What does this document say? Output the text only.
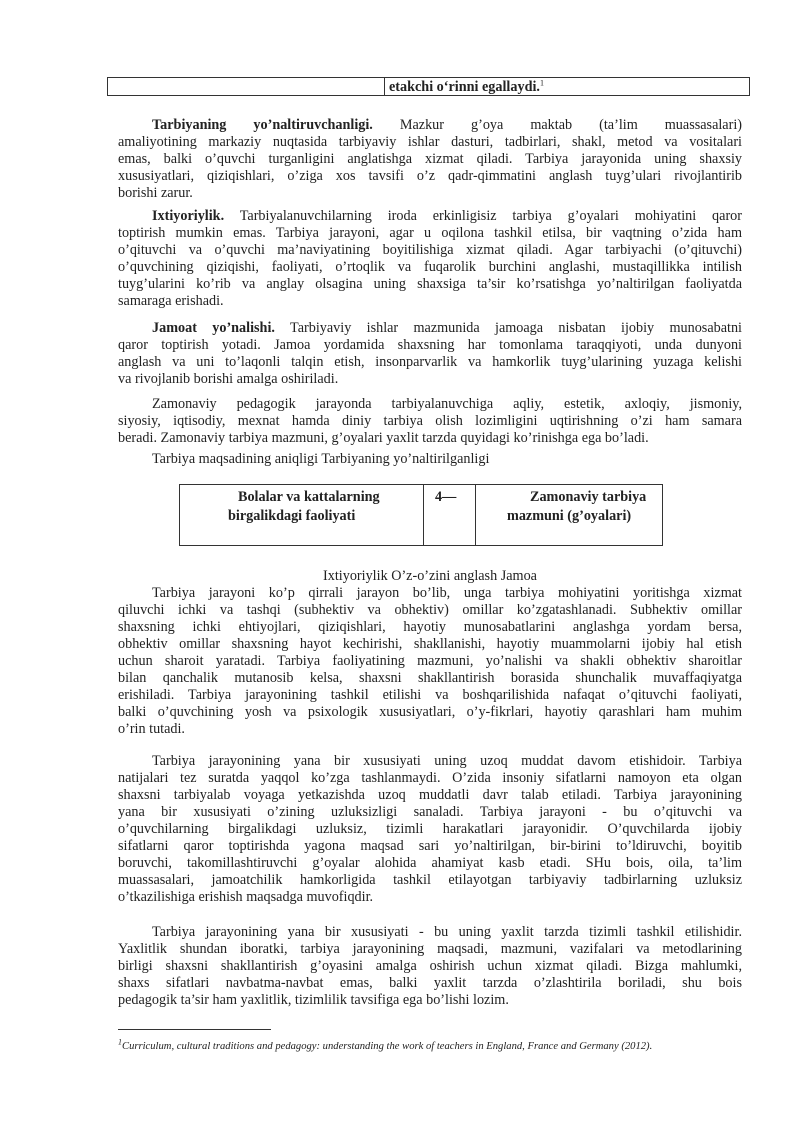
etakchi o‘rinni egallaydi.$^1$
Tarbiyaning yo’naltiruvchanligi. Mazkur g’oya maktab (ta’lim muassasalari)
amaliyotining markaziy nuqtasida tarbiyaviy ishlar dasturi, tadbirlari, shakl, metod va vositalari
emas, balki o’quvchi turganligini anglatishga xizmat qiladi. Tarbiya jarayonida uning shaxsiy
xususiyatlari, qiziqishlari, o’ziga xos tavsifi o’z qadr-qimmatini anglash tuyg’ulari rivojlantirib
borishi zarur.
Ixtiyoriylik. Tarbiyalanuvchilarning iroda erkinligisiz tarbiya g’oyalari mohiyatini qaror
toptirish mumkin emas. Tarbiya jarayoni, agar u oqilona tashkil etilsa, bir vaqtning o’zida ham
o’qituvchi va o’quvchi ma’naviyatining boyitilishiga xizmat qiladi. Agar tarbiyachi (o’qituvchi)
o’quvchining qiziqishi, faoliyati, o’rtoqlik va fuqarolik burchini anglashi, mustaqillikka intilish
tuyg’ularini ko’rib va anglay olsagina uning shaxsiga ta’sir ko’rsatishga yo’naltirilgan faoliyatda
samaraga erishadi.
Jamoat yo’nalishi. Tarbiyaviy ishlar mazmunida jamoaga nisbatan ijobiy munosabatni
qaror toptirish yotadi. Jamoa yordamida shaxsning har tomonlama taraqqiyoti, unda dunyoni
anglash va uni to’laqonli talqin etish, insonparvarlik va hamkorlik tuyg’ularining yuzaga kelishi
va rivojlanib borishi amalga oshiriladi.
Zamonaviy pedagogik jarayonda tarbiyalanuvchiga aqliy, estetik, axloqiy, jismoniy,
siyosiy, iqtisodiy, mexnat hamda diniy tarbiya olish lozimligini uqtirishning o’zi ham samara
beradi. Zamonaviy tarbiya mazmuni, g’oyalari yaxlit tarzda quyidagi ko’rinishga ega bo’ladi.
Tarbiya maqsadining aniqligi Tarbiyaning yo’naltirilganligi
Bolalar va kattalarning
birgalikdagi faoliyati
4—	Zamonaviy tarbiya
mazmuni (g’oyalari)
Ixtiyoriylik O’z-o’zini anglash Jamoa
Tarbiya jarayoni ko’p qirrali jarayon bo’lib, unga tarbiya mohiyatini yoritishga xizmat
qiluvchi ichki va tashqi (subhektiv va obhektiv) omillar ko’zgatashlanadi. Subhektiv omillar
shaxsning ichki ehtiyojlari, qiziqishlari, hayotiy munosabatlarini anglashga yordam bersa,
obhektiv omillar shaxsning hayot kechirishi, shakllanishi, hayotiy muammolarni ijobiy hal etish
uchun sharoit yaratadi. Tarbiya faoliyatining mazmuni, yo’nalishi va shakli obhektiv sharoitlar
bilan qanchalik mutanosib kelsa, shaxsni shakllantirish borasida shunchalik muvaffaqiyatga
erishiladi. Tarbiya jarayonining tashkil etilishi va boshqarilishida nafaqat o’qituvchi faoliyati,
balki o’quvchining yosh va psixologik xususiyatlari, o’y-fikrlari, hayotiy qarashlari ham muhim
o’rin tutadi.
Tarbiya jarayonining yana bir xususiyati uning uzoq muddat davom etishidoir. Tarbiya
natijalari tez suratda yaqqol ko’zga tashlanmaydi. O’zida insoniy sifatlarni namoyon eta olgan
shaxsni tarbiyalab voyaga yetkazishda uzoq muddatli davr talab etiladi. Tarbiya jarayonining
yana bir xususiyati o’zining uzluksizligi sanaladi. Tarbiya jarayoni - bu o’qituvchi va
o’quvchilarning birgalikdagi uzluksiz, tizimli harakatlari jarayonidir. O’quvchilarda ijobiy
sifatlarni qaror toptirishda yagona maqsad sari yo’naltirilgan, bir-birini to’ldiruvchi, boyitib
boruvchi, takomillashtiruvchi g’oyalar alohida ahamiyat kasb etadi. SHu bois, oila, ta’lim
muassasalari, jamoatchilik hamkorligida tashkil etilayotgan tarbiyaviy tadbirlarning uzluksiz
o’tkazilishiga erishish maqsadga muvofiqdir.
Tarbiya jarayonining yana bir xususiyati - bu uning yaxlit tarzda tizimli tashkil etilishidir.
Yaxlitlik shundan iboratki, tarbiya jarayonining maqsadi, mazmuni, vazifalari va metodlarining
birligi shaxsni shakllantirish g’oyasini amalga oshirish uchun xizmat qiladi. Bizga mahlumki,
shaxs sifatlari navbatma-navbat emas, balki yaxlit tarzda o’zlashtirila boriladi, shu bois
pedagogik ta’sir ham yaxlitlik, tizimlilik tavsifiga ega bo’lishi lozim.
$^1$Curriculum, cultural traditions and pedagogy: understanding the work of teachers in England, France and Germany (2012).
